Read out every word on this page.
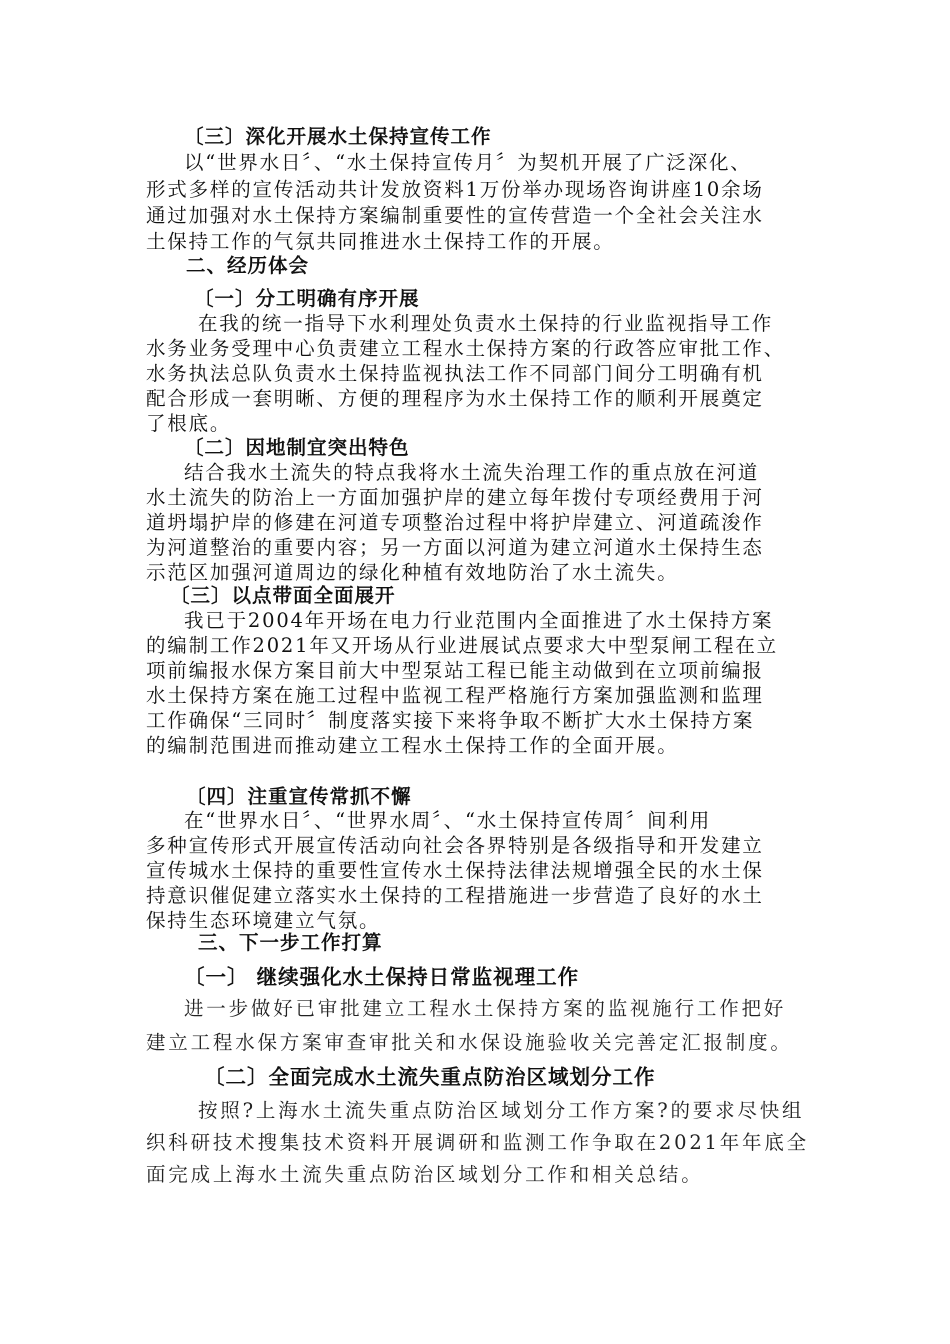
〔三〕深化开展水土保持宣传工作
以“世界水日〞、“水土保持宣传月〞为契机开展了广泛深化、
形式多样的宣传活动共计发放资料1万份举办现场咨询讲座10余场
通过加强对水土保持方案编制重要性的宣传营造一个全社会关注水
土保持工作的气氛共同推进水土保持工作的开展。
二、经历体会
〔一〕分工明确有序开展
在我的统一指导下水利理处负责水土保持的行业监视指导工作
水务业务受理中心负责建立工程水土保持方案的行政答应审批工作、
水务执法总队负责水土保持监视执法工作不同部门间分工明确有机
配合形成一套明晰、方便的理程序为水土保持工作的顺利开展奠定
了根底。
〔二〕因地制宜突出特色
结合我水土流失的特点我将水土流失治理工作的重点放在河道
水土流失的防治上一方面加强护岸的建立每年拨付专项经费用于河
道坍塌护岸的修建在河道专项整治过程中将护岸建立、河道疏浚作
为河道整治的重要内容；另一方面以河道为建立河道水土保持生态
示范区加强河道周边的绿化种植有效地防治了水土流失。
〔三〕以点带面全面展开
我已于2004年开场在电力行业范围内全面推进了水土保持方案
的编制工作2021年又开场从行业进展试点要求大中型泵闸工程在立
项前编报水保方案目前大中型泵站工程已能主动做到在立项前编报
水土保持方案在施工过程中监视工程严格施行方案加强监测和监理
工作确保“三同时〞制度落实接下来将争取不断扩大水土保持方案
的编制范围进而推动建立工程水土保持工作的全面开展。
〔四〕注重宣传常抓不懈
在“世界水日〞、“世界水周〞、“水土保持宣传周〞间利用
多种宣传形式开展宣传活动向社会各界特别是各级指导和开发建立
宣传城水土保持的重要性宣传水土保持法律法规增强全民的水土保
持意识催促建立落实水土保持的工程措施进一步营造了良好的水土
保持生态环境建立气氛。
三、下一步工作打算
〔一〕 继续强化水土保持日常监视理工作
进一步做好已审批建立工程水土保持方案的监视施行工作把好
建立工程水保方案审查审批关和水保设施验收关完善定汇报制度。
〔二〕全面完成水土流失重点防治区域划分工作
按照?上海水土流失重点防治区域划分工作方案?的要求尽快组
织科研技术搜集技术资料开展调研和监测工作争取在2021年年底全
面完成上海水土流失重点防治区域划分工作和相关总结。
